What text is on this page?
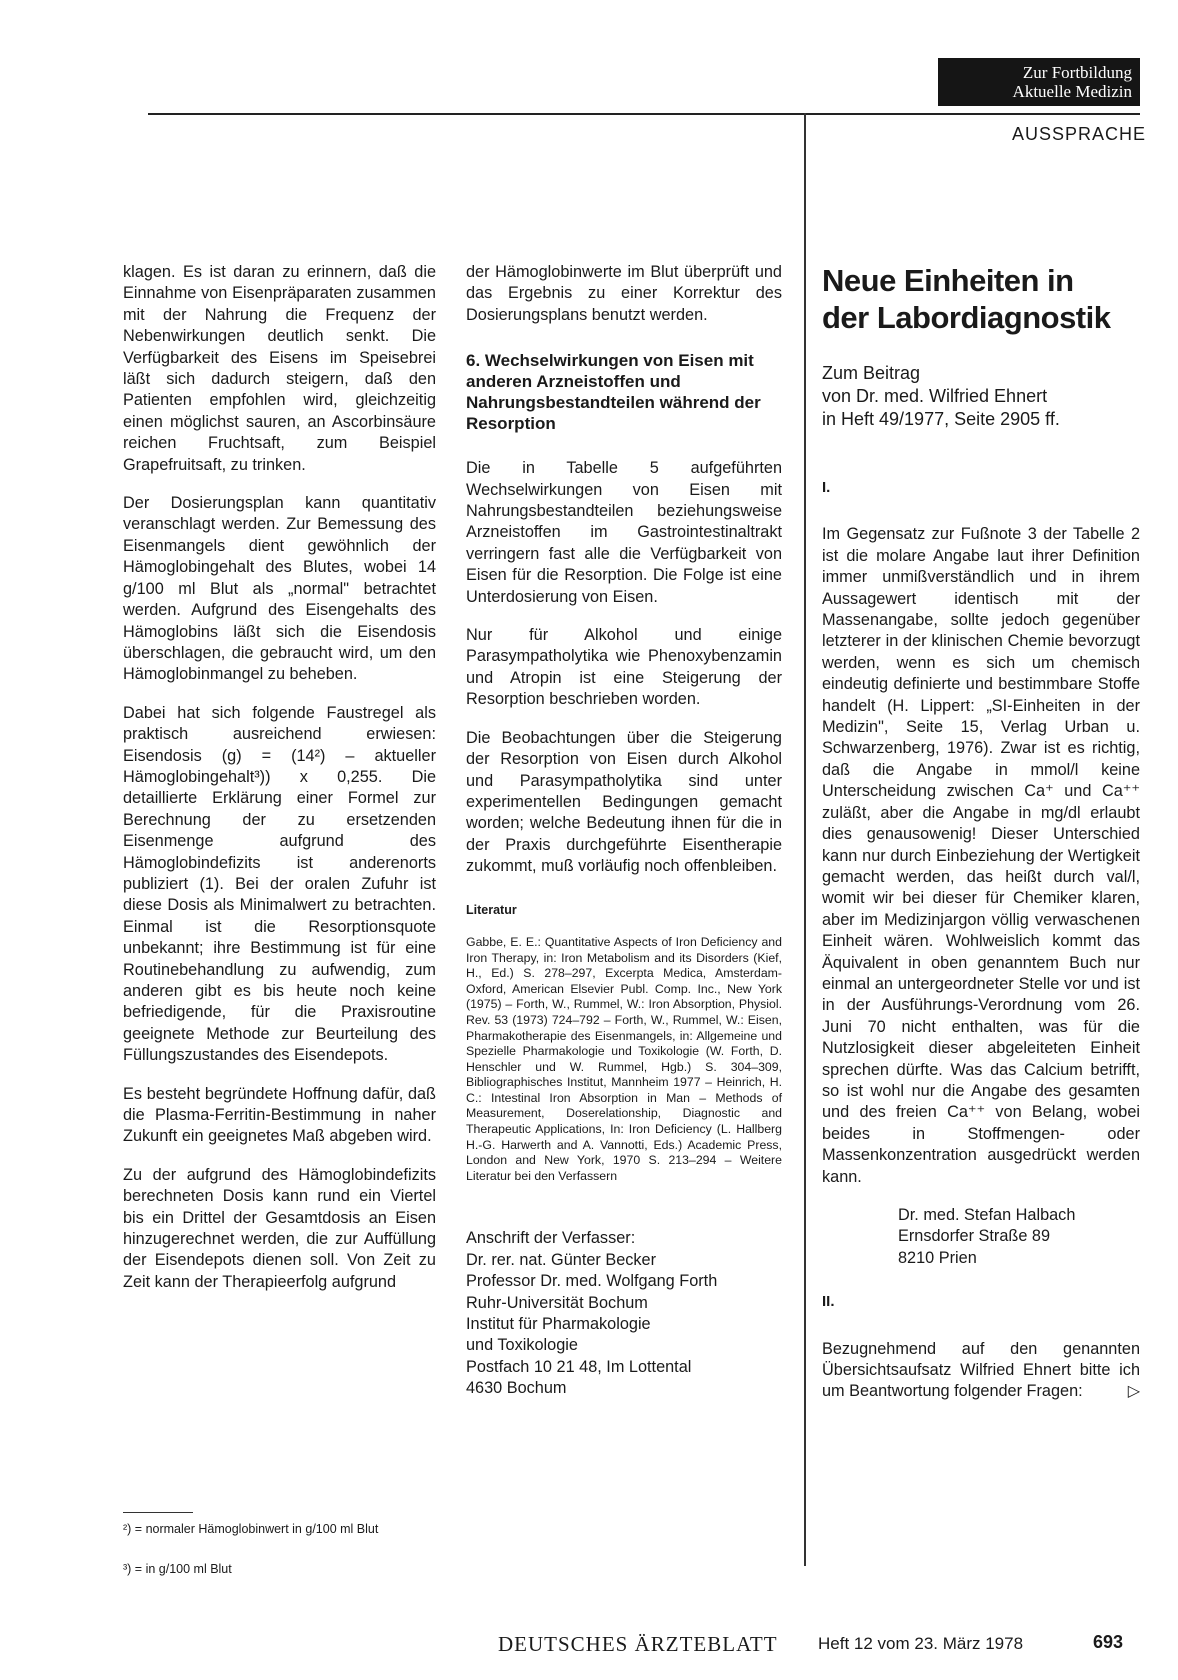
Zur Fortbildung
Aktuelle Medizin
AUSSPRACHE

klagen. Es ist daran zu erinnern, daß die Einnahme von Eisenpräparaten zusammen mit der Nahrung die Frequenz der Nebenwirkungen deutlich senkt. Die Verfügbarkeit des Eisens im Speisebrei läßt sich dadurch steigern, daß den Patienten empfohlen wird, gleichzeitig einen möglichst sauren, an Ascorbinsäure reichen Fruchtsaft, zum Beispiel Grapefruitsaft, zu trinken.

Der Dosierungsplan kann quantitativ veranschlagt werden. Zur Bemessung des Eisenmangels dient gewöhnlich der Hämoglobingehalt des Blutes, wobei 14 g/100 ml Blut als „normal" betrachtet werden. Aufgrund des Eisengehalts des Hämoglobins läßt sich die Eisendosis überschlagen, die gebraucht wird, um den Hämoglobinmangel zu beheben.

Dabei hat sich folgende Faustregel als praktisch ausreichend erwiesen: Eisendosis (g) = (14²) – aktueller Hämoglobingehalt³)) x 0,255. Die detaillierte Erklärung einer Formel zur Berechnung der zu ersetzenden Eisenmenge aufgrund des Hämoglobindefizits ist anderenorts publiziert (1). Bei der oralen Zufuhr ist diese Dosis als Minimalwert zu betrachten. Einmal ist die Resorptionsquote unbekannt; ihre Bestimmung ist für eine Routinebehandlung zu aufwendig, zum anderen gibt es bis heute noch keine befriedigende, für die Praxisroutine geeignete Methode zur Beurteilung des Füllungszustandes des Eisendepots.

Es besteht begründete Hoffnung dafür, daß die Plasma-Ferritin-Bestimmung in naher Zukunft ein geeignetes Maß abgeben wird.

Zu der aufgrund des Hämoglobindefizits berechneten Dosis kann rund ein Viertel bis ein Drittel der Gesamtdosis an Eisen hinzugerechnet werden, die zur Auffüllung der Eisendepots dienen soll. Von Zeit zu Zeit kann der Therapieerfolg aufgrund

²) = normaler Hämoglobinwert in g/100 ml Blut
³) = in g/100 ml Blut

der Hämoglobinwerte im Blut überprüft und das Ergebnis zu einer Korrektur des Dosierungsplans benutzt werden.

6. Wechselwirkungen von Eisen mit anderen Arzneistoffen und Nahrungsbestandteilen während der Resorption

Die in Tabelle 5 aufgeführten Wechselwirkungen von Eisen mit Nahrungsbestandteilen beziehungsweise Arzneistoffen im Gastrointestinaltrakt verringern fast alle die Verfügbarkeit von Eisen für die Resorption. Die Folge ist eine Unterdosierung von Eisen.

Nur für Alkohol und einige Parasympatholytika wie Phenoxybenzamin und Atropin ist eine Steigerung der Resorption beschrieben worden.

Die Beobachtungen über die Steigerung der Resorption von Eisen durch Alkohol und Parasympatholytika sind unter experimentellen Bedingungen gemacht worden; welche Bedeutung ihnen für die in der Praxis durchgeführte Eisentherapie zukommt, muß vorläufig noch offenbleiben.

Literatur
Gabbe, E. E.: Quantitative Aspects of Iron Deficiency and Iron Therapy, in: Iron Metabolism and its Disorders (Kief, H., Ed.) S. 278–297, Excerpta Medica, Amsterdam-Oxford, American Elsevier Publ. Comp. Inc., New York (1975) – Forth, W., Rummel, W.: Iron Absorption, Physiol. Rev. 53 (1973) 724–792 – Forth, W., Rummel, W.: Eisen, Pharmakotherapie des Eisenmangels, in: Allgemeine und Spezielle Pharmakologie und Toxikologie (W. Forth, D. Henschler und W. Rummel, Hgb.) S. 304–309, Bibliographisches Institut, Mannheim 1977 – Heinrich, H. C.: Intestinal Iron Absorption in Man – Methods of Measurement, Doserelationship, Diagnostic and Therapeutic Applications, In: Iron Deficiency (L. Hallberg H.-G. Harwerth and A. Vannotti, Eds.) Academic Press, London and New York, 1970 S. 213–294 – Weitere Literatur bei den Verfassern
Anschrift der Verfasser:
Dr. rer. nat. Günter Becker
Professor Dr. med. Wolfgang Forth
Ruhr-Universität Bochum
Institut für Pharmakologie
und Toxikologie
Postfach 10 21 48, Im Lottental
4630 Bochum
Neue Einheiten in
der Labordiagnostik
Zum Beitrag
von Dr. med. Wilfried Ehnert
in Heft 49/1977, Seite 2905 ff.
I.

Im Gegensatz zur Fußnote 3 der Tabelle 2 ist die molare Angabe laut ihrer Definition immer unmißverständlich und in ihrem Aussagewert identisch mit der Massenangabe, sollte jedoch gegenüber letzterer in der klinischen Chemie bevorzugt werden, wenn es sich um chemisch eindeutig definierte und bestimmbare Stoffe handelt (H. Lippert: „SI-Einheiten in der Medizin", Seite 15, Verlag Urban u. Schwarzenberg, 1976). Zwar ist es richtig, daß die Angabe in mmol/l keine Unterscheidung zwischen Ca⁺ und Ca⁺⁺ zuläßt, aber die Angabe in mg/dl erlaubt dies genausowenig! Dieser Unterschied kann nur durch Einbeziehung der Wertigkeit gemacht werden, das heißt durch val/l, womit wir bei dieser für Chemiker klaren, aber im Medizinjargon völlig verwaschenen Einheit wären. Wohlweislich kommt das Äquivalent in oben genanntem Buch nur einmal an untergeordneter Stelle vor und ist in der Ausführungs-Verordnung vom 26. Juni 70 nicht enthalten, was für die Nutzlosigkeit dieser abgeleiteten Einheit sprechen dürfte. Was das Calcium betrifft, so ist wohl nur die Angabe des gesamten und des freien Ca⁺⁺ von Belang, wobei beides in Stoffmengen- oder Massenkonzentration ausgedrückt werden kann.

Dr. med. Stefan Halbach
Ernsdorfer Straße 89
8210 Prien
II.

Bezugnehmend auf den genannten Übersichtsaufsatz Wilfried Ehnert bitte ich um Beantwortung folgender Fragen:	▷

DEUTSCHES ÄRZTEBLATT Heft 12 vom 23. März 1978	693
